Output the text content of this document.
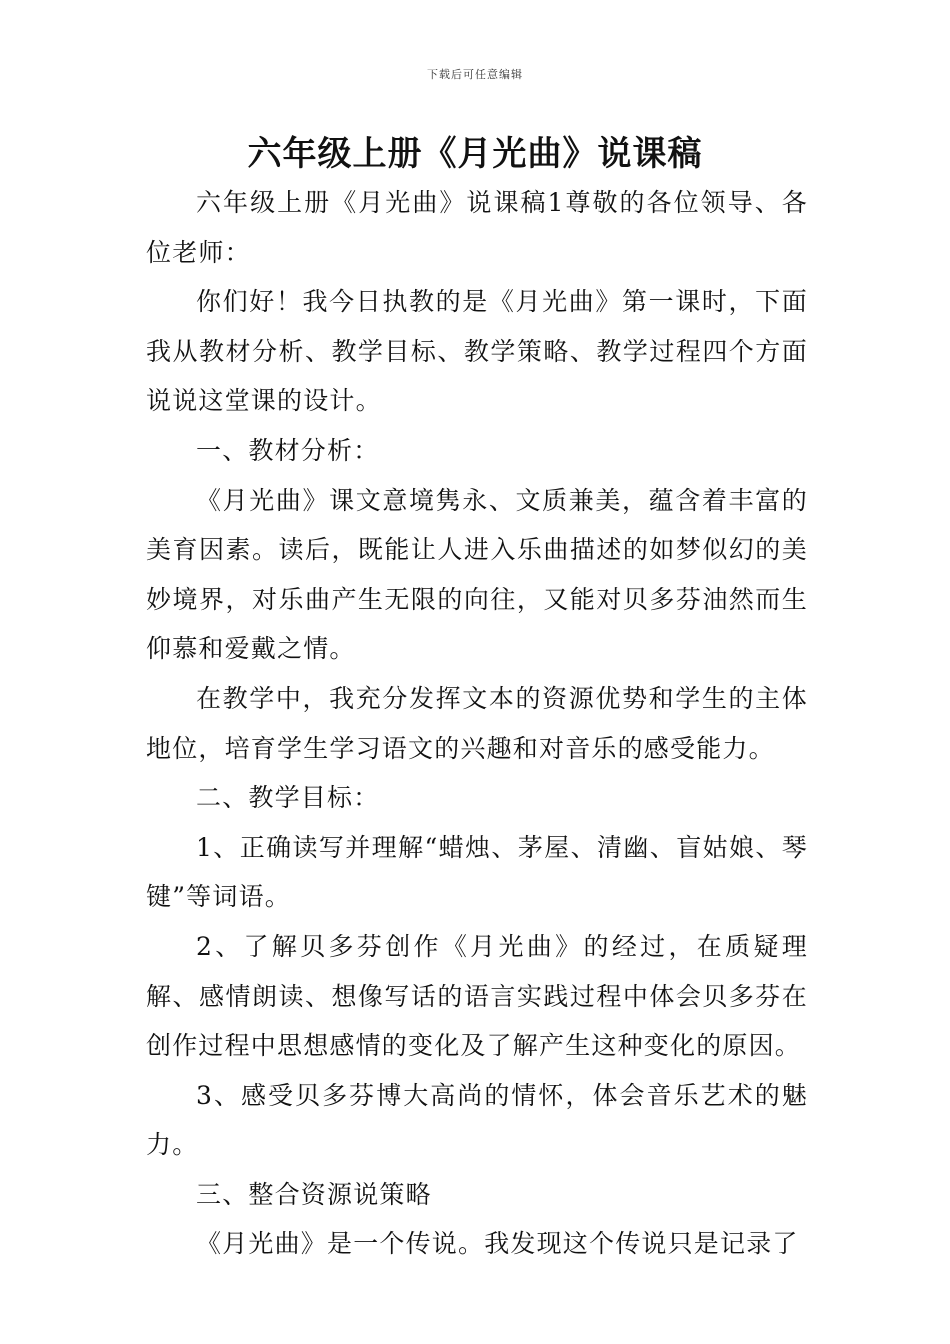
下载后可任意编辑
六年级上册《月光曲》说课稿

六年级上册《月光曲》说课稿1尊敬的各位领导、各位老师：

你们好！我今日执教的是《月光曲》第一课时，下面我从教材分析、教学目标、教学策略、教学过程四个方面说说这堂课的设计。

一、教材分析：

《月光曲》课文意境隽永、文质兼美，蕴含着丰富的美育因素。读后，既能让人进入乐曲描述的如梦似幻的美妙境界，对乐曲产生无限的向往，又能对贝多芬油然而生仰慕和爱戴之情。

在教学中，我充分发挥文本的资源优势和学生的主体地位，培育学生学习语文的兴趣和对音乐的感受能力。

二、教学目标：

1、正确读写并理解“蜡烛、茅屋、清幽、盲姑娘、琴键”等词语。

2、了解贝多芬创作《月光曲》的经过，在质疑理解、感情朗读、想像写话的语言实践过程中体会贝多芬在创作过程中思想感情的变化及了解产生这种变化的原因。

3、感受贝多芬博大高尚的情怀，体会音乐艺术的魅力。

三、整合资源说策略

《月光曲》是一个传说。我发现这个传说只是记录了
